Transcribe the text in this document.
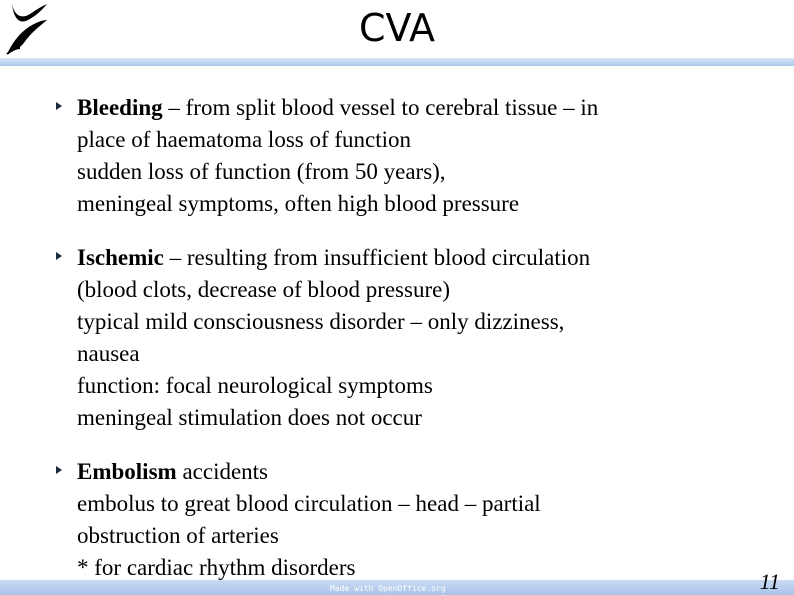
CVA
Bleeding – from split blood vessel to cerebral tissue – in
place of haematoma loss of function
sudden loss of function (from 50 years),
meningeal symptoms, often high blood pressure
Ischemic – resulting from insufficient blood circulation
(blood clots, decrease of blood pressure)
typical mild consciousness disorder – only dizziness,
nausea
function: focal neurological symptoms
meningeal stimulation does not occur
Embolism accidents
embolus to great blood circulation – head – partial
obstruction of arteries
* for cardiac rhythm disorders
Made with OpenOffice.org	11
